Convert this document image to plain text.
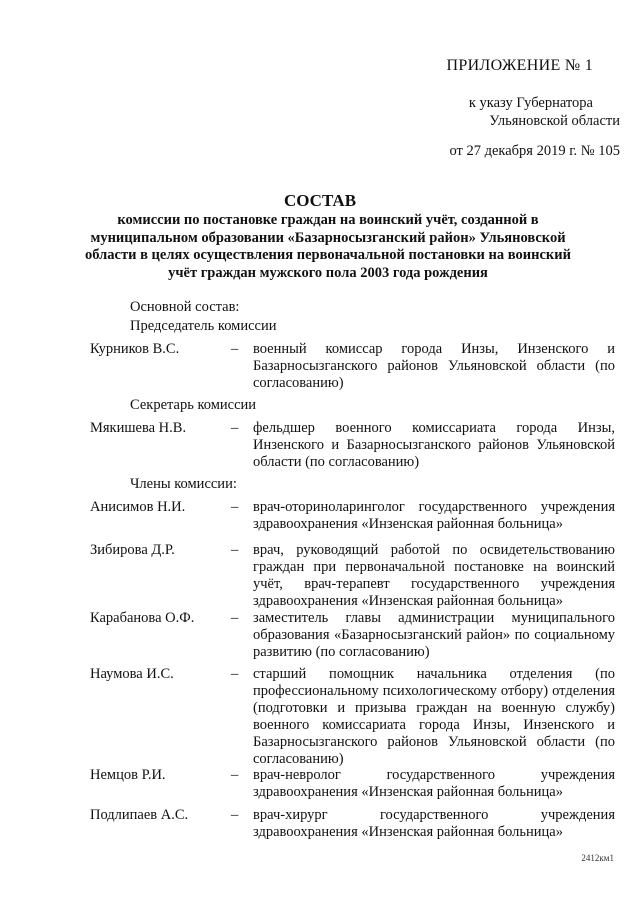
ПРИЛОЖЕНИЕ № 1
к указу Губернатора
Ульяновской области
от 27 декабря 2019 г. № 105
СОСТАВ
комиссии по постановке граждан на воинский учёт, созданной в муниципальном образовании «Базарносызганский район» Ульяновской области в целях осуществления первоначальной постановки на воинский учёт граждан мужского пола 2003 года рождения
Основной состав:
Председатель комиссии
Курников В.С.	– военный комиссар города Инзы, Инзенского и Базарносызганского районов Ульяновской области (по согласованию)
Секретарь комиссии
Мякишева Н.В.	– фельдшер военного комиссариата города Инзы, Инзенского и Базарносызганского районов Ульяновской области (по согласованию)
Члены комиссии:
Анисимов Н.И.	– врач-оториноларинголог государственного учреждения здравоохранения «Инзенская районная больница»
Зибирова Д.Р.	– врач, руководящий работой по освидетельствованию граждан при первоначальной постановке на воинский учёт, врач-терапевт государственного учреждения здравоохранения «Инзенская районная больница»
Карабанова О.Ф.	– заместитель главы администрации муниципального образования «Базарносызганский район» по социальному развитию (по согласованию)
Наумова И.С.	– старший помощник начальника отделения (по профессиональному психологическому отбору) отделения (подготовки и призыва граждан на военную службу) военного комиссариата города Инзы, Инзенского и Базарносызганского районов Ульяновской области (по согласованию)
Немцов Р.И.	– врач-невролог государственного учреждения здравоохранения «Инзенская районная больница»
Подлипаев А.С.	– врач-хирург государственного учреждения здравоохранения «Инзенская районная больница»
2412км1
